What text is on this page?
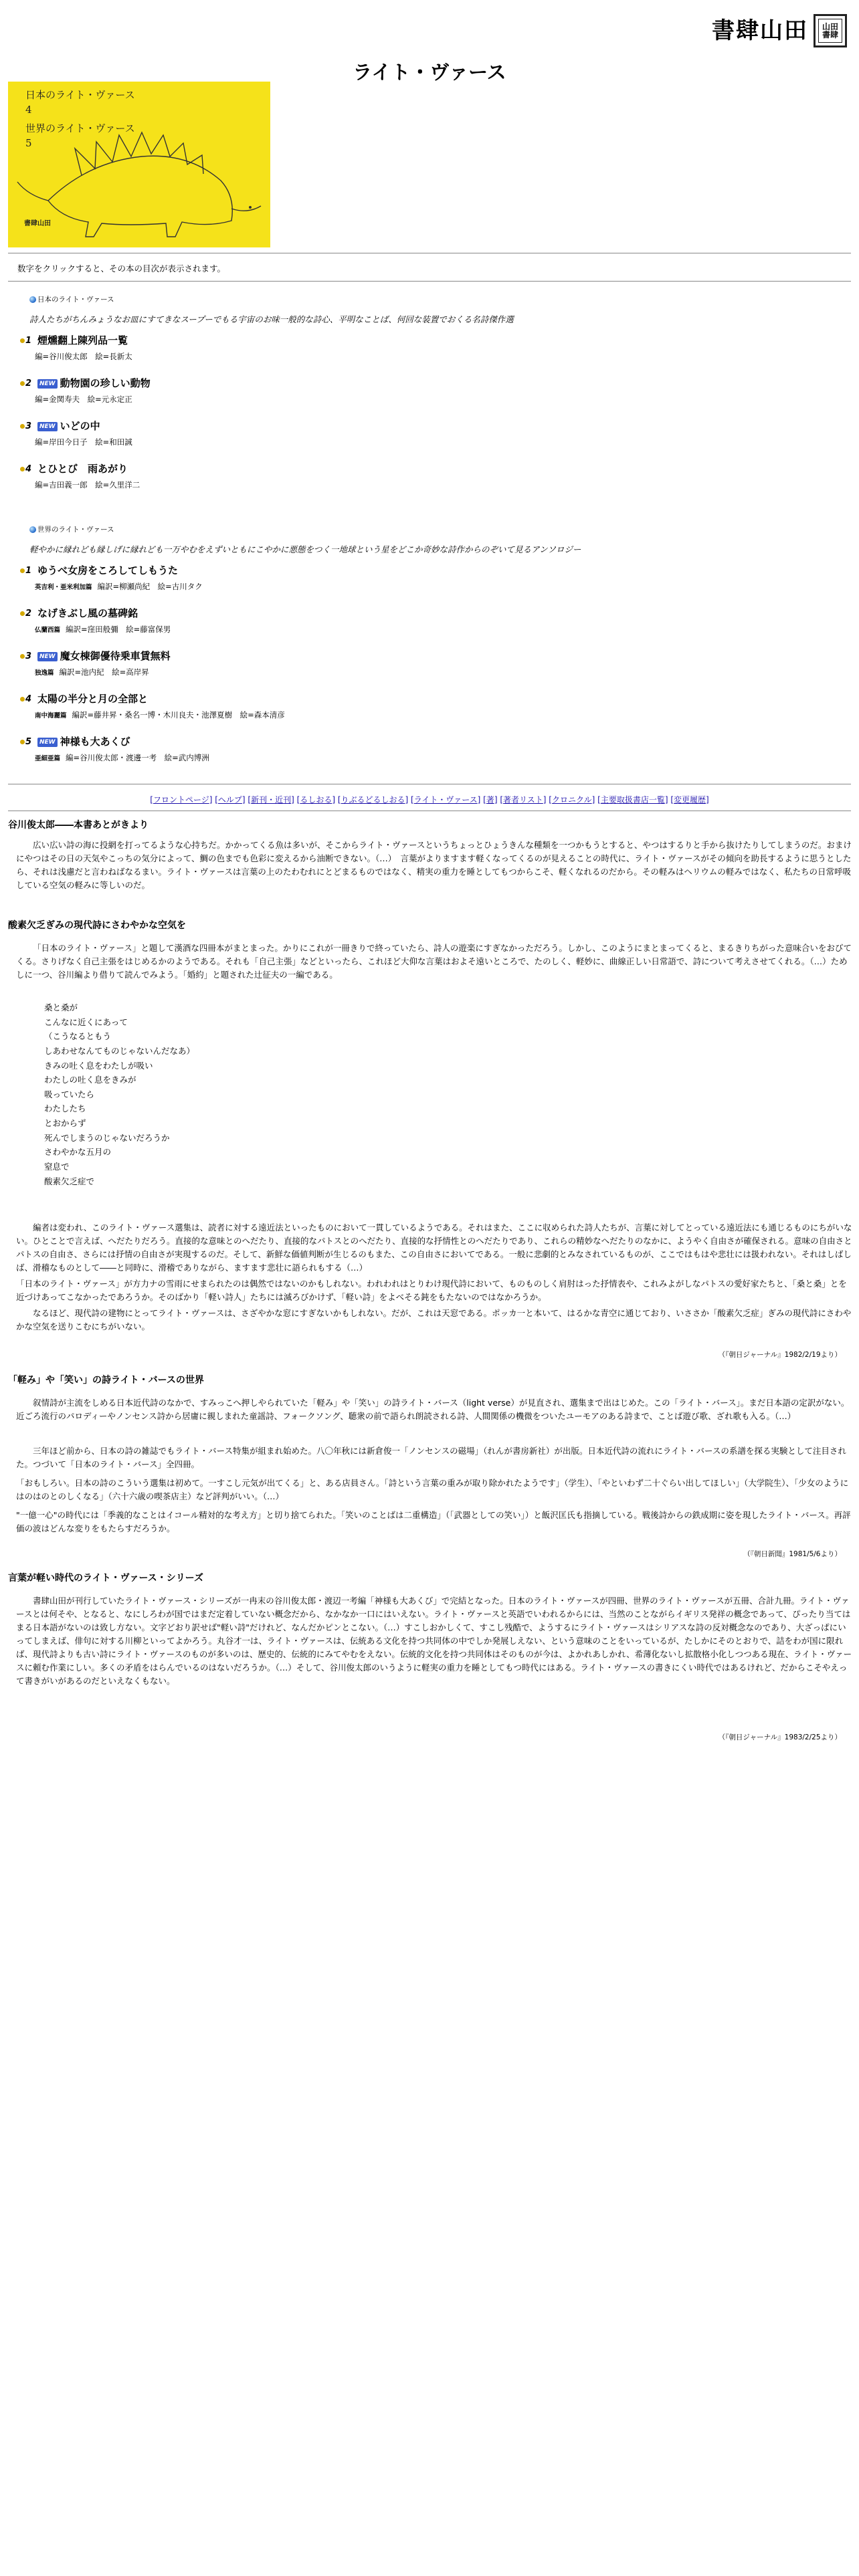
書肆山田	山田
書肆
ライト・ヴァース
日本のライト・ヴァース
4
世界のライト・ヴァース
5
書肆山田
数字をクリックすると、その本の目次が表示されます。
日本のライト・ヴァース
詩人たちがちんみょうなお皿にすてきなスープーでもる宇宙のお味一般的な詩心、平明なことば、何回な装置でおくる名詩傑作選
1 煙燻翻上陳列品一覧
編=谷川俊太郎　絵=長新太
2	NEW 動物園の珍しい動物
編=金関寿夫　絵=元永定正
3	NEW いどの中
編=岸田今日子　絵=和田誠
4 とひとび　雨あがり
編=吉田義一郎　絵=久里洋二
世界のライト・ヴァース
軽やかに縁れども縁しげに縁れども一万やむをえずいともにこやかに悪態をつく一地球という星をどこか奇妙な詩作からのぞいて見るアンソロジー
1 ゆうべ女房をころしてしもうた
英吉利・亜米利加篇 編訳=柳瀬尚紀　絵=古川タク
2 なげきぶし風の墓碑銘
仏蘭西篇 編訳=窪田般彌　絵=藤富保男
3	NEW 魔女棟御優待乗車賃無料
独逸篇 編訳=池内紀　絵=高岸昇
4 太陽の半分と月の全部と
南中海麗篇 編訳=藤井昇・桑名一博・木川良夫・池澤夏樹　絵=森本清彦
5	NEW 神様も大あくび
亜細亜篇 編=谷川俊太郎・渡邊一考　絵=武内博洲
[フロントページ] [ヘルプ] [新刊・近刊] [るしおる] [りぶるどるしおる] [ライト・ヴァース] [著] [著者リスト] [クロニクル] [主要取扱書店一覧] [変更履歴]
谷川俊太郎――本書あとがきより
広い広い詩の海に投網を打ってるような心持ちだ。かかってくる魚は多いが、そこからライト・ヴァースというちょっとひょうきんな種類を一つかもうとすると、やつはするりと手から抜けたりしてしまうのだ。おまけにやつはその日の天気やこっちの気分によって、鯛の色までも色彩に変えるから油断できない。（…）　言葉がよりますます軽くなってくるのが見えることの時代に、ライト・ヴァースがその傾向を助長するように思うとしたら、それは浅慮だと言わねばなるまい。ライト・ヴァースは言葉の上のたわむれにとどまるものではなく、精実の重力を睡としてもつからこそ、軽くなれるのだから。その軽みはヘリウムの軽みではなく、私たちの日常呼吸している空気の軽みに等しいのだ。
酸素欠乏ぎみの現代詩にさわやかな空気を
「日本のライト・ヴァース」と題して漢酒な四冊本がまとまった。かりにこれが一冊きりで終っていたら、詩人の遊楽にすぎなかっただろう。しかし、このようにまとまってくると、まるきりちがった意味合いをおびてくる。さりげなく自己主張をはじめるかのようである。それも「自己主張」などといったら、これほど大仰な言葉はおよそ遠いところで、たのしく、軽妙に、曲線正しい日常語で、詩について考えさせてくれる。（…）ためしに一つ、谷川編より借りて読んでみよう。「婚約」と題された辻征夫の一編である。
桑と桑が
こんなに近くにあって
（こうなるともう
しあわせなんてものじゃないんだなあ）
きみの吐く息をわたしが吸い
わたしの吐く息をきみが
吸っていたら
わたしたち
とおからず
死んでしまうのじゃないだろうか
さわやかな五月の
窒息で
酸素欠乏症で
編者は変われ、このライト・ヴァース選集は、読者に対する遠近法といったものにおいて一貫しているようである。それはまた、ここに収められた詩人たちが、言葉に対してとっている遠近法にも通じるものにちがいない。ひとことで言えば、へだたりだろう。直接的な意味とのへだたり、直接的なパトスとのへだたり、直接的な抒情性とのへだたりであり、これらの精妙なへだたりのなかに、ようやく自由さが確保される。意味の自由さとパトスの自由さ、さらには抒情の自由さが実現するのだ。そして、新鮮な価値判断が生じるのもまた、この自由さにおいてである。一般に悲劇的とみなされているものが、ここではもはや悲壮には扱われない。それはしばしば、滑稽なものとして――と同時に、滑稽でありながら、ますます悲壮に語られもする（…）
「日本のライト・ヴァース」が方力ナの雪雨にせまられたのは偶然ではないのかもしれない。われわれはとりわけ現代詩において、ものものしく肩肘はった抒情表や、これみよがしなパトスの愛好家たちと、「桑と桑」とを近づけあってこなかったであろうか。そのばかり「軽い詩人」たちには滅ろびかけず、「軽い詩」をよべそる鈍をもたないのではなかろうか。
なるほど、現代詩の建物にとってライト・ヴァースは、さざやかな窓にすぎないかもしれない。だが、これは天窓である。ポッカ一と本いて、はるかな青空に通じており、いささか「酸素欠乏症」ぎみの現代詩にさわやかな空気を送りこむにちがいない。
（『朝日ジャーナル』1982/2/19より）
「軽み」や「笑い」の詩ライト・バースの世界
叙情詩が主流をしめる日本近代詩のなかで、すみっこへ押しやられていた「軽み」や「笑い」の詩ライト・バース（light verse）が見直され、選集まで出はじめた。この「ライト・バース」。まだ日本語の定訳がない。近ごろ流行のパロディーやノンセンス詩から居庸に親しまれた童謡詩、フォークソング、聴衆の前で語られ朗読される詩、人間関係の機微をついたユーモアのある詩まで、ことば遊び歌、ざれ歌も入る。（…）
三年ほど前から、日本の詩の雑誌でもライト・バース特集が組まれ始めた。八〇年秋には新倉俊一「ノンセンスの磁場」（れんが書房新社）が出版。日本近代詩の流れにライト・バースの系譜を探る実験として注目された。つづいて「日本のライト・バース」全四冊。
「おもしろい。日本の詩のこういう選集は初めて。一すこし元気が出てくる」と、ある店員さん。「詩という言葉の重みが取り除かれたようです」（学生）、「やといわず二十ぐらい出してほしい」（大学院生）、「少女のようにはのはのとのしくなる」（六十六歳の喫茶店主）など評判がいい。（…）
"一億一心"の時代には「季義的なことはイコール精対的な考え方」と切り捨てられた。「笑いのことばは二重構造」（「武器としての笑い」）と飯沢匡氏も指摘している。戦後詩からの鉄成期に姿を現したライト・バース。再評価の波はどんな変りをもたらすだろうか。
（『朝日新聞』1981/5/6より）
言葉が軽い時代のライト・ヴァース・シリーズ
書肆山田が刊行していたライト・ヴァース・シリーズが一冉末の谷川俊太郎・渡辺一考編「神様も大あくび」で完結となった。日本のライト・ヴァースが四冊、世界のライト・ヴァースが五冊、合計九冊。ライト・ヴァースとは何そや、となると、なにしろわが国ではまだ定着していない概念だから、なかなか一口にはいえない。ライト・ヴァースと英語でいわれるからには、当然のことながらイギリス発祥の概念であって、ぴったり当てはまる日本語がないのは致し方ない。文字どおり訳せば"軽い詩"だけれど、なんだかピンとこない。（…）すこしおかしくて、すこし残酷で、ようするにライト・ヴァースはシリアスな詩の反対概念なのであり、大ざっぱにいってしまえば、俳句に対する川柳といってよかろう。丸谷才一は、ライト・ヴァースは、伝統ある文化を持つ共同体の中でしか発展しえない、という意味のことをいっているが、たしかにそのとおりで、詰をわが国に限れば、現代詩よりも古い詩にライト・ヴァースのものが多いのは、歴史的、伝統的にみてやむをえない。伝統的文化を持つ共同体はそのものが今は、よかれあしかれ、希薄化ないし拡散格小化しつつある現在、ライト・ヴァースに頼む作業にしい。多くの矛盾をはらんでいるのはないだろうか。（…）そして、谷川俊太郎のいうように軽実の重力を睡としてもつ時代にはある。ライト・ヴァースの書きにくい時代ではあるけれど、だからこそやえって書きがいがあるのだといえなくもない。
（『朝日ジャーナル』1983/2/25より）
